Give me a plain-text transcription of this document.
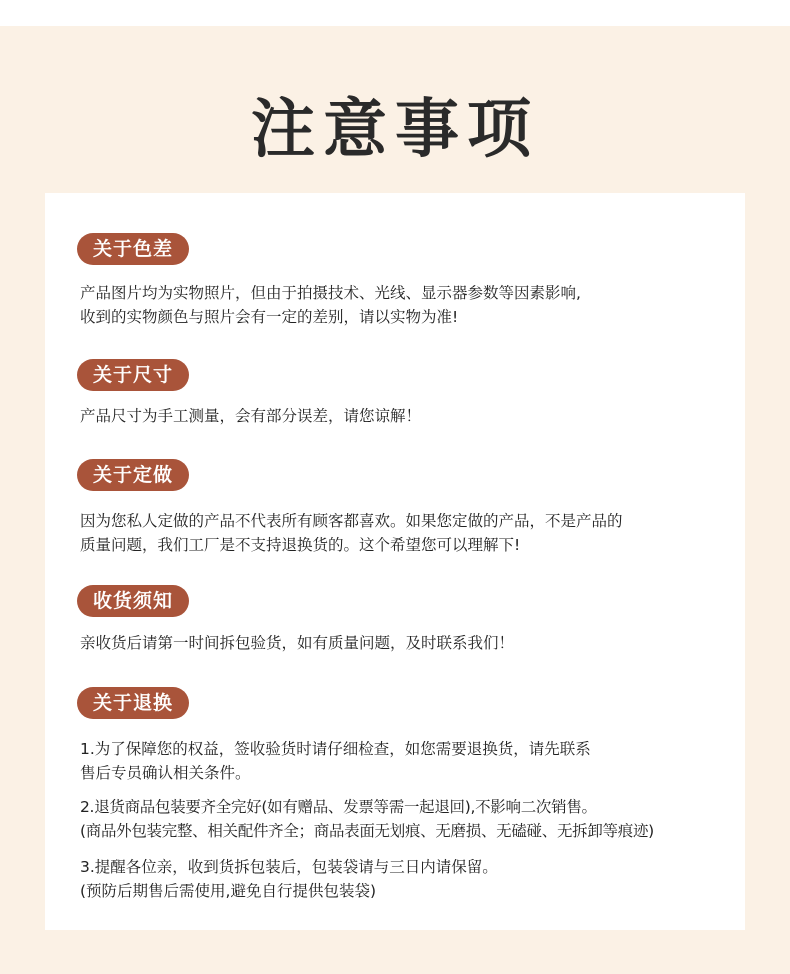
注意事项
关于色差
产品图片均为实物照片，但由于拍摄技术、光线、显示器参数等因素影响,
收到的实物颜色与照片会有一定的差别，请以实物为准!
关于尺寸
产品尺寸为手工测量，会有部分误差，请您谅解！
关于定做
因为您私人定做的产品不代表所有顾客都喜欢。如果您定做的产品，不是产品的
质量问题，我们工厂是不支持退换货的。这个希望您可以理解下!
收货须知
亲收货后请第一时间拆包验货，如有质量问题，及时联系我们！
关于退换
1.为了保障您的权益，签收验货时请仔细检查，如您需要退换货，请先联系
售后专员确认相关条件。
2.退货商品包装要齐全完好(如有赠品、发票等需一起退回),不影响二次销售。
(商品外包装完整、相关配件齐全；商品表面无划痕、无磨损、无磕碰、无拆卸等痕迹)
3.提醒各位亲，收到货拆包装后，包装袋请与三日内请保留。
(预防后期售后需使用,避免自行提供包装袋)
